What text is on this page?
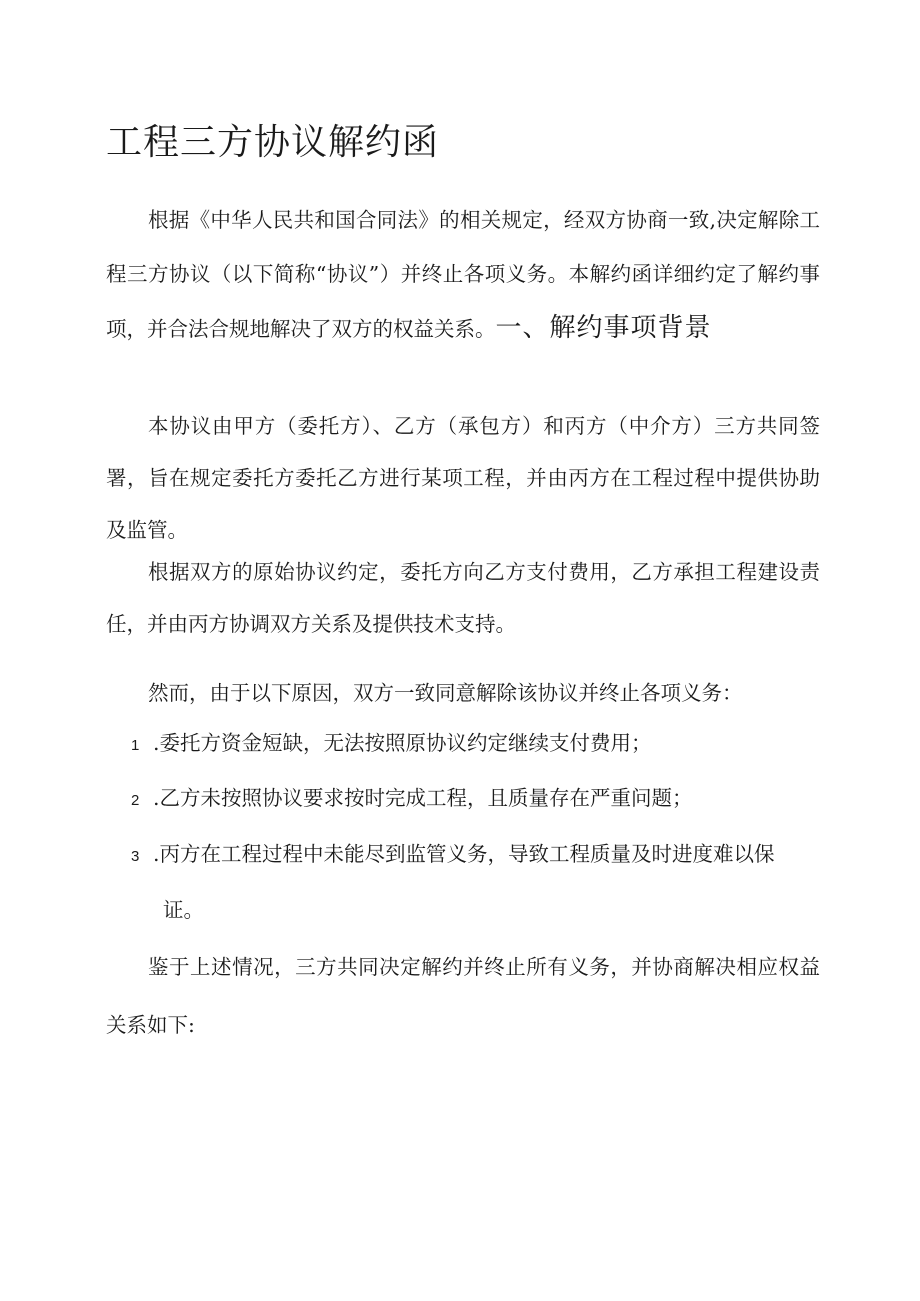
工程三方协议解约函

根据《中华人民共和国合同法》的相关规定，经双方协商一致,决定解除工程三方协议（以下简称“协议”）并终止各项义务。本解约函详细约定了解约事项，并合法合规地解决了双方的权益关系。一、解约事项背景

本协议由甲方（委托方）、乙方（承包方）和丙方（中介方）三方共同签署，旨在规定委托方委托乙方进行某项工程，并由丙方在工程过程中提供协助及监管。

根据双方的原始协议约定，委托方向乙方支付费用，乙方承担工程建设责任，并由丙方协调双方关系及提供技术支持。

然而，由于以下原因，双方一致同意解除该协议并终止各项义务：

1 .委托方资金短缺，无法按照原协议约定继续支付费用；

2 .乙方未按照协议要求按时完成工程，且质量存在严重问题；

3 .丙方在工程过程中未能尽到监管义务，导致工程质量及时进度难以保

证。

鉴于上述情况，三方共同决定解约并终止所有义务，并协商解决相应权益关系如下:
